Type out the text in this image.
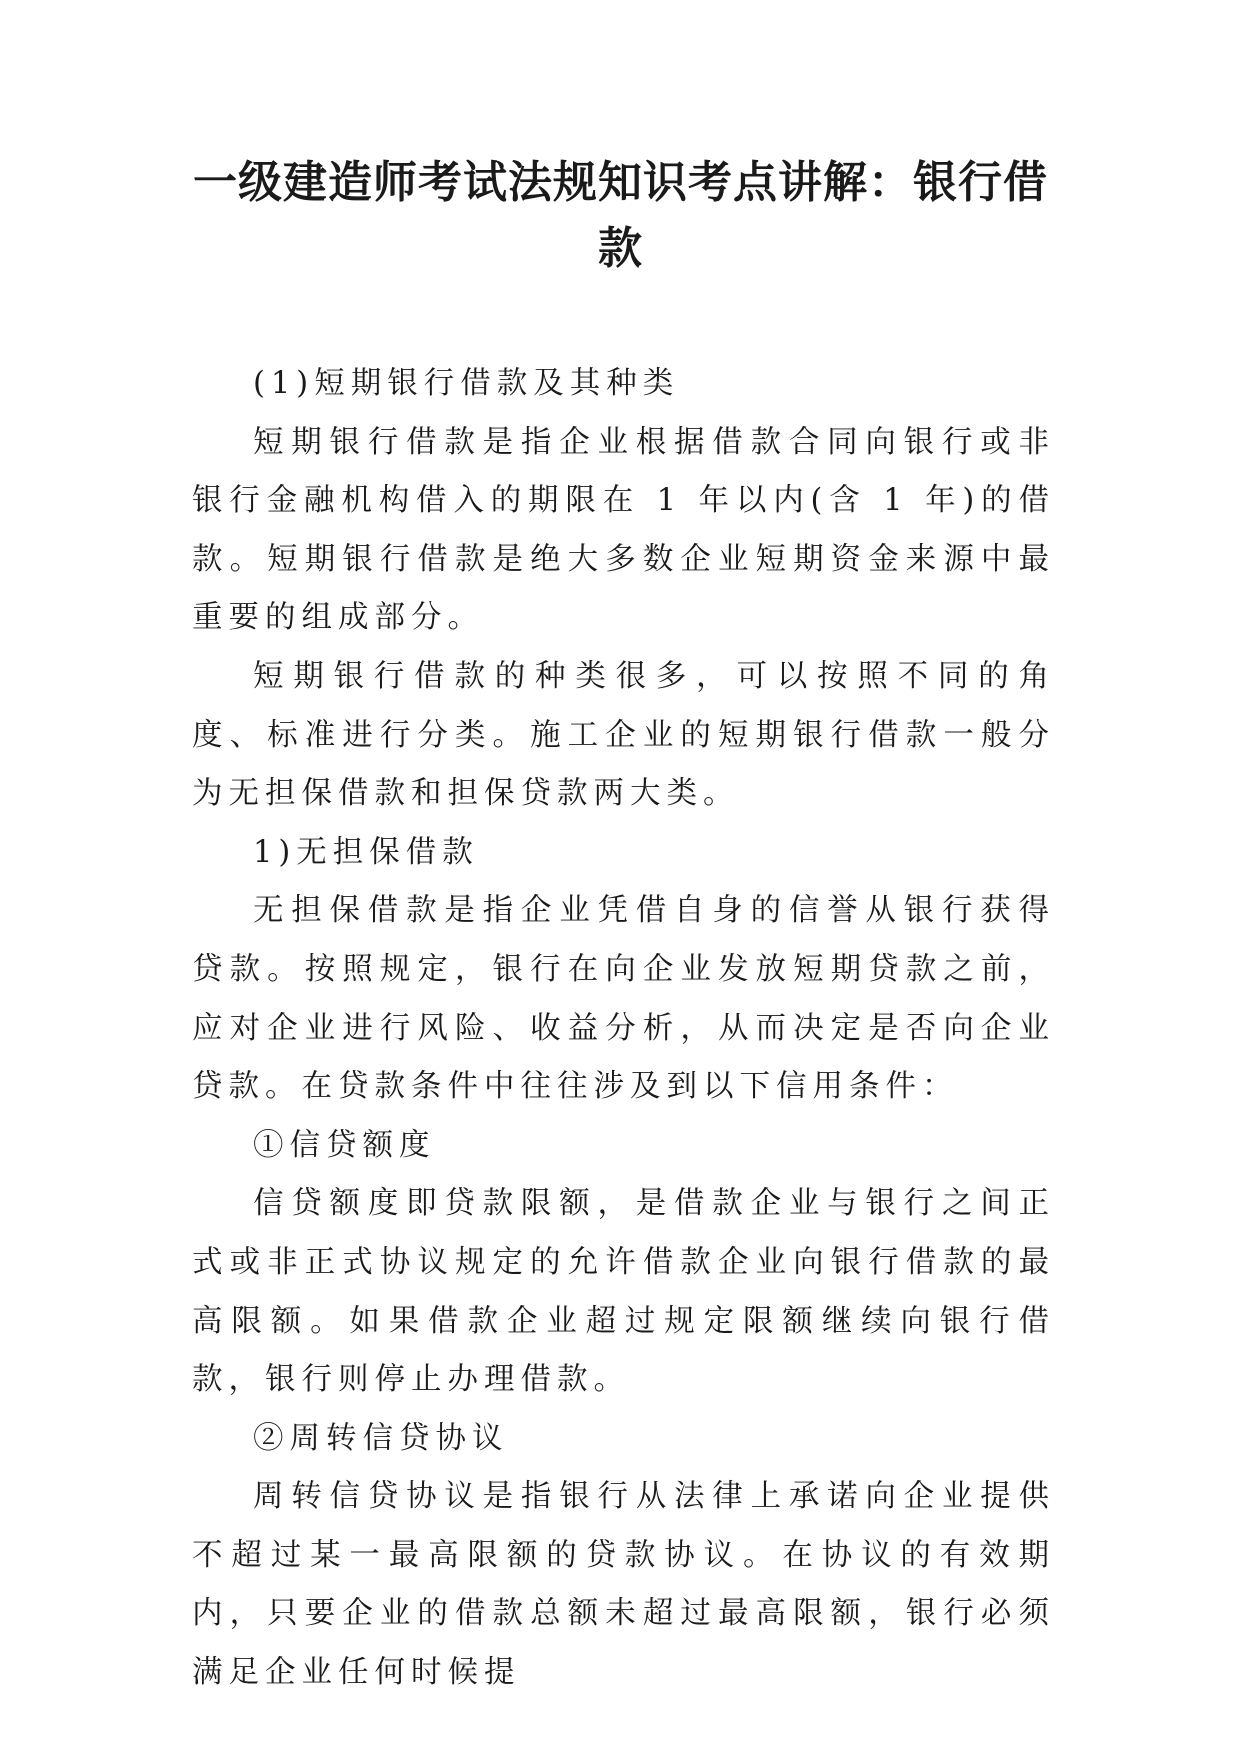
一级建造师考试法规知识考点讲解：银行借款

(1)短期银行借款及其种类

短期银行借款是指企业根据借款合同向银行或非银行金融机构借入的期限在 1 年以内(含 1 年)的借款。短期银行借款是绝大多数企业短期资金来源中最重要的组成部分。

短期银行借款的种类很多，可以按照不同的角度、标准进行分类。施工企业的短期银行借款一般分为无担保借款和担保贷款两大类。

1)无担保借款

无担保借款是指企业凭借自身的信誉从银行获得贷款。按照规定，银行在向企业发放短期贷款之前，应对企业进行风险、收益分析，从而决定是否向企业贷款。在贷款条件中往往涉及到以下信用条件：

①信贷额度

信贷额度即贷款限额，是借款企业与银行之间正式或非正式协议规定的允许借款企业向银行借款的最高限额。如果借款企业超过规定限额继续向银行借款，银行则停止办理借款。

②周转信贷协议

周转信贷协议是指银行从法律上承诺向企业提供不超过某一最高限额的贷款协议。在协议的有效期内，只要企业的借款总额未超过最高限额，银行必须满足企业任何时候提
